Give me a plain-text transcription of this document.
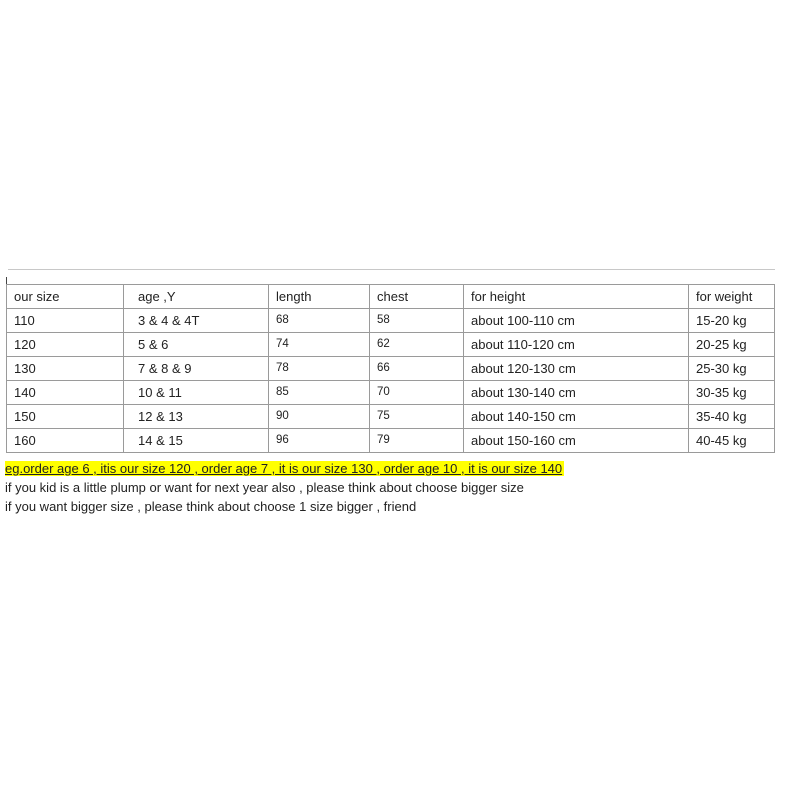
our size	age ,Y	length	chest	for height	for weight
110	3 & 4 & 4T	68	58	about 100-110 cm	15-20 kg
120	5 & 6	74	62	about 110-120 cm	20-25 kg
130	7 & 8 & 9	78	66	about 120-130 cm	25-30 kg
140	10 & 11	85	70	about 130-140 cm	30-35 kg
150	12 & 13	90	75	about 140-150 cm	35-40 kg
160	14 & 15	96	79	about 150-160 cm	40-45 kg
eg.order age 6 , itis our size 120 , order age 7 , it is our size 130 , order age 10 , it is our size 140
if you kid is a little plump or want for next year also , please think about choose bigger size
if you want bigger size , please think about choose 1 size bigger , friend
